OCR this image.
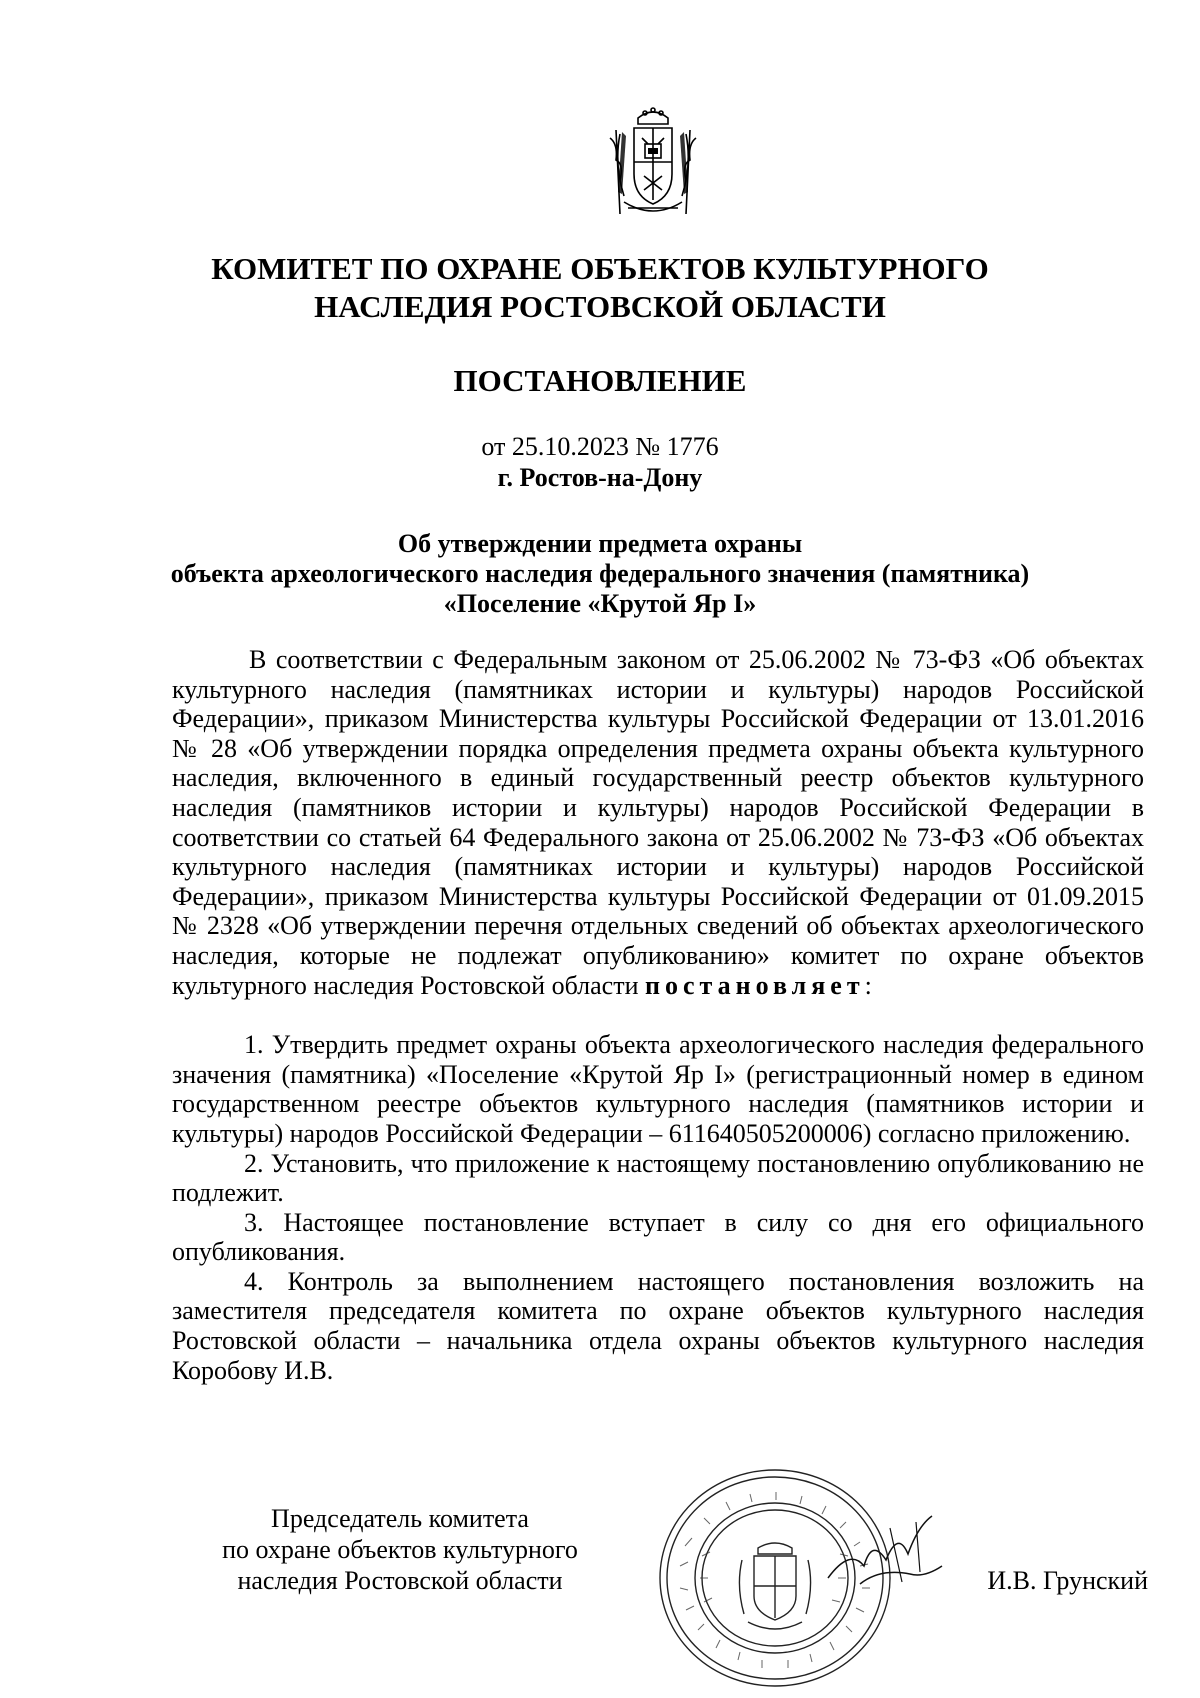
КОМИТЕТ ПО ОХРАНЕ ОБЪЕКТОВ КУЛЬТУРНОГО
НАСЛЕДИЯ РОСТОВСКОЙ ОБЛАСТИ
ПОСТАНОВЛЕНИЕ
от 25.10.2023 № 1776
г. Ростов-на-Дону
Об утверждении предмета охраны
объекта археологического наследия федерального значения (памятника)
«Поселение «Крутой Яр I»

В соответствии с Федеральным законом от 25.06.2002 № 73-ФЗ «Об объектах культурного наследия (памятниках истории и культуры) народов Российской Федерации», приказом Министерства культуры Российской Федерации от 13.01.2016 № 28 «Об утверждении порядка определения предмета охраны объекта культурного наследия, включенного в единый государственный реестр объектов культурного наследия (памятников истории и культуры) народов Российской Федерации в соответствии со статьей 64 Федерального закона от 25.06.2002 № 73-ФЗ «Об объектах культурного наследия (памятниках истории и культуры) народов Российской Федерации», приказом Министерства культуры Российской Федерации от 01.09.2015 № 2328 «Об утверждении перечня отдельных сведений об объектах археологического наследия, которые не подлежат опубликованию» комитет по охране объектов культурного наследия Ростовской области постановляет:

1. Утвердить предмет охраны объекта археологического наследия федерального значения (памятника) «Поселение «Крутой Яр I» (регистрационный номер в едином государственном реестре объектов культурного наследия (памятников истории и культуры) народов Российской Федерации – 611640505200006) согласно приложению.

2. Установить, что приложение к настоящему постановлению опубликованию не подлежит.

3. Настоящее постановление вступает в силу со дня его официального опубликования.

4. Контроль за выполнением настоящего постановления возложить на заместителя председателя комитета по охране объектов культурного наследия Ростовской области – начальника отдела охраны объектов культурного наследия Коробову И.В.

Председатель комитета
по охране объектов культурного
наследия Ростовской области	И.В. Грунский
